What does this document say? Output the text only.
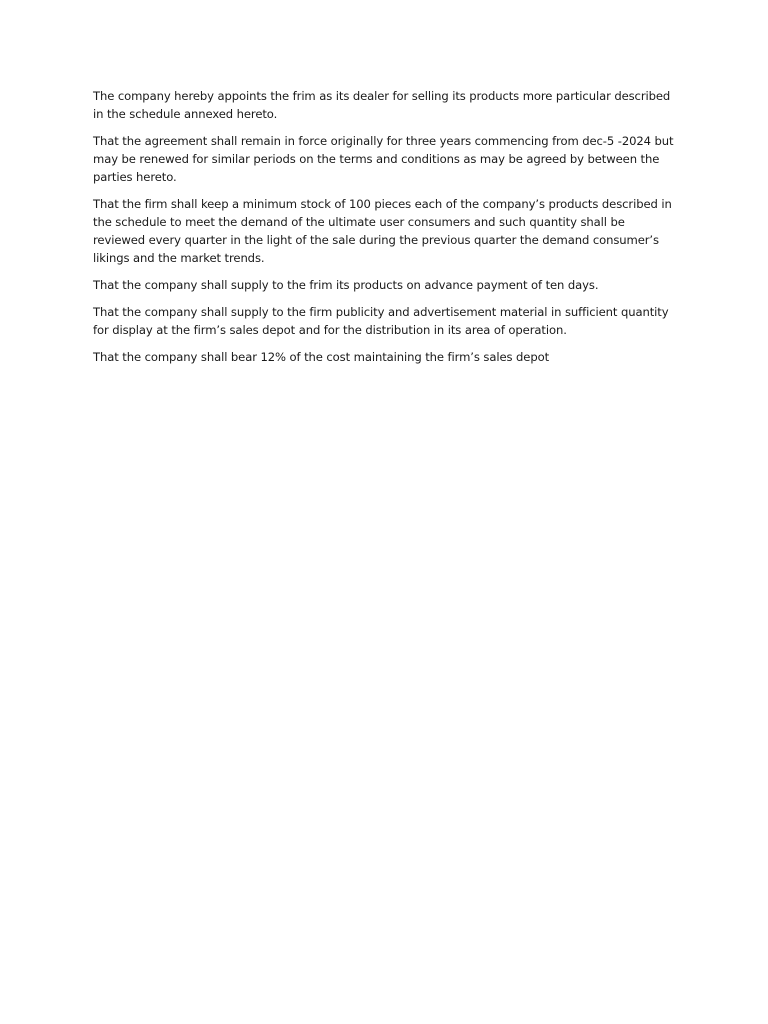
The company hereby appoints the frim as its dealer for selling its products more particular described in the schedule annexed hereto.

That the agreement shall remain in force originally for three years commencing from dec-5 -2024 but may be renewed for similar periods on the terms and conditions as may be agreed by between the parties hereto.

That the firm shall keep a minimum stock of 100 pieces each of the company’s products described in the schedule to meet the demand of the ultimate user consumers and such quantity shall be reviewed every quarter in the light of the sale during the previous quarter the demand consumer’s likings and the market trends.

That the company shall supply to the frim its products on advance payment of ten days.

That the company shall supply to the firm publicity and advertisement material in sufficient quantity for display at the firm’s sales depot and for the distribution in its area of operation.

That the company shall bear 12% of the cost maintaining the firm’s sales depot
